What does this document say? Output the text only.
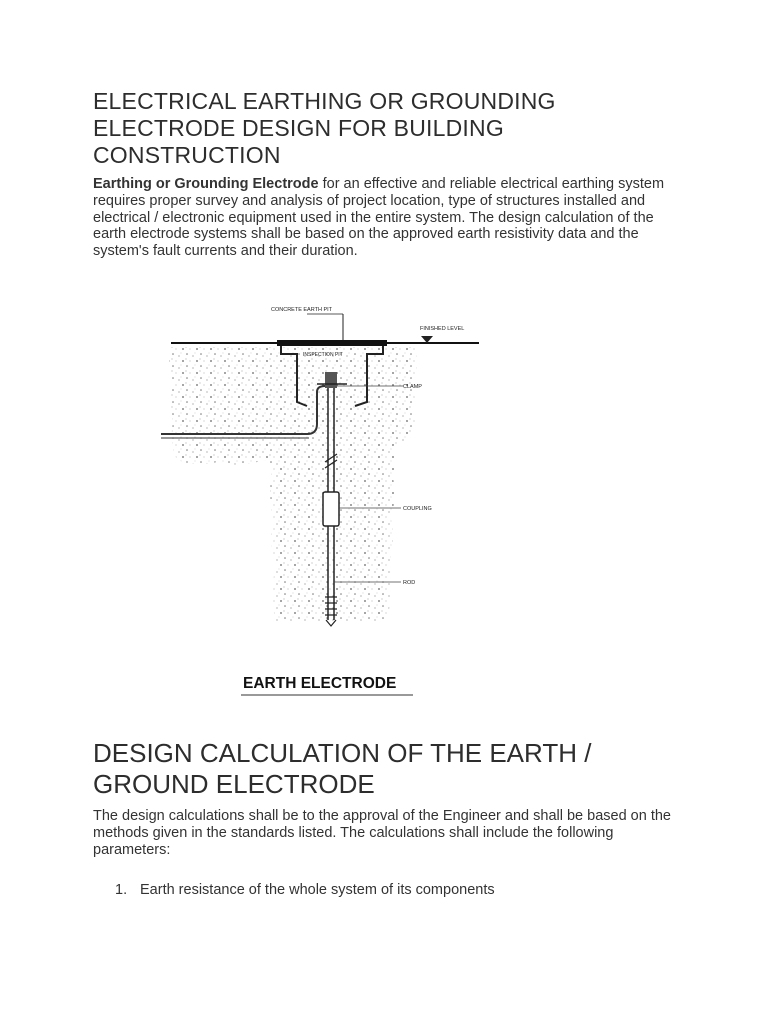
ELECTRICAL EARTHING OR GROUNDING ELECTRODE DESIGN FOR BUILDING CONSTRUCTION

Earthing or Grounding Electrode for an effective and reliable electrical earthing system requires proper survey and analysis of project location, type of structures installed and electrical / electronic equipment used in the entire system. The design calculation of the earth electrode systems shall be based on the approved earth resistivity data and the system's fault currents and their duration.

CONCRETE EARTH PIT
FINISHED LEVEL
INSPECTION PIT
CLAMP
COUPLING
ROD
EARTH ELECTRODE
DESIGN CALCULATION OF THE EARTH / GROUND ELECTRODE

The design calculations shall be to the approval of the Engineer and shall be based on the methods given in the standards listed. The calculations shall include the following parameters:

1. Earth resistance of the whole system of its components
